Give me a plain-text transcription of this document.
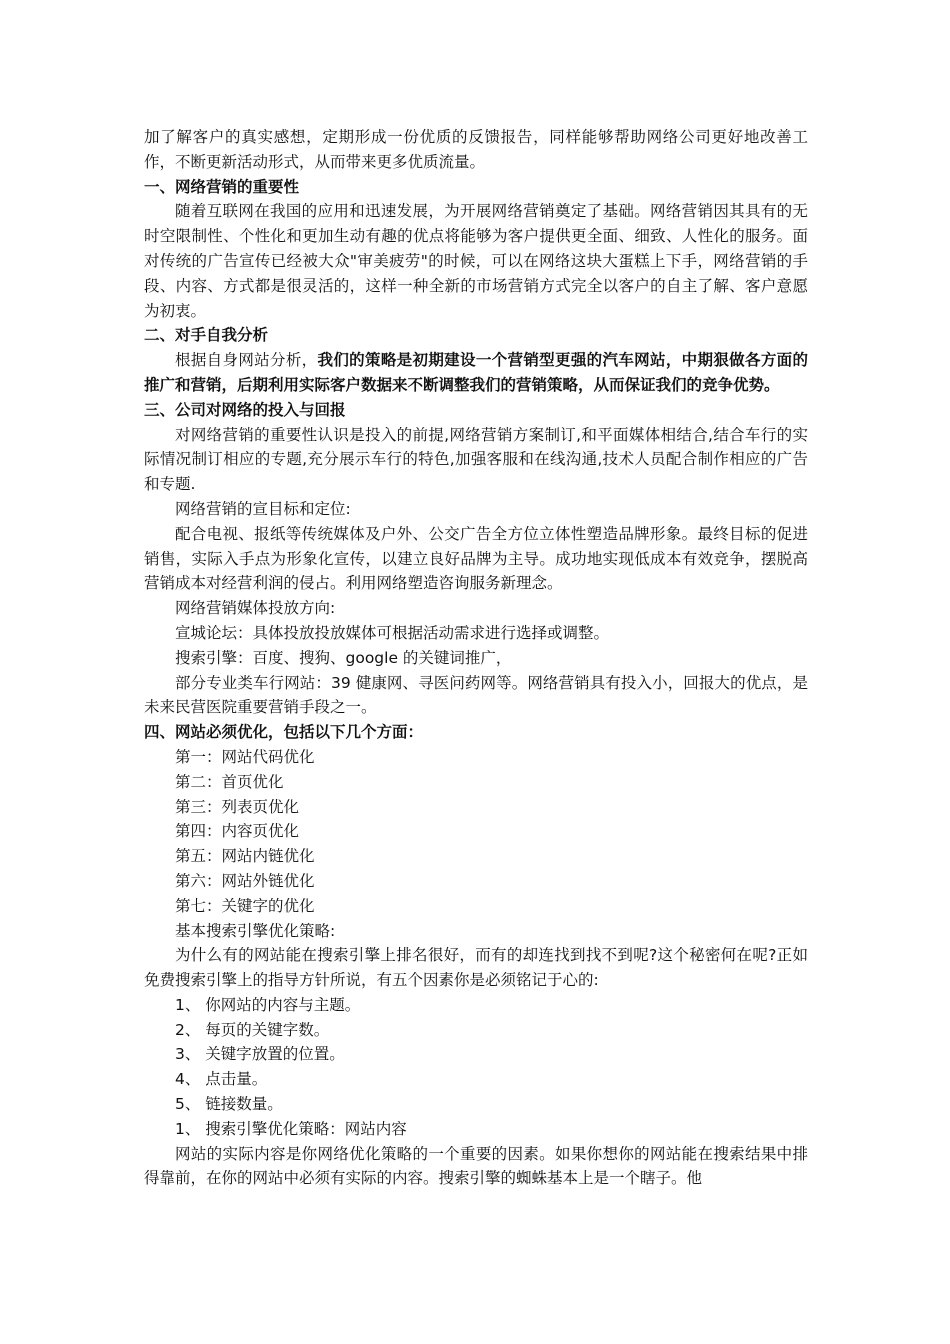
加了解客户的真实感想，定期形成一份优质的反馈报告，同样能够帮助网络公司更好地改善工作，不断更新活动形式，从而带来更多优质流量。

一、网络营销的重要性

随着互联网在我国的应用和迅速发展，为开展网络营销奠定了基础。网络营销因其具有的无时空限制性、个性化和更加生动有趣的优点将能够为客户提供更全面、细致、人性化的服务。面对传统的广告宣传已经被大众"审美疲劳"的时候，可以在网络这块大蛋糕上下手，网络营销的手段、内容、方式都是很灵活的，这样一种全新的市场营销方式完全以客户的自主了解、客户意愿为初衷。

二、对手自我分析

根据自身网站分析，我们的策略是初期建设一个营销型更强的汽车网站，中期狠做各方面的推广和营销，后期利用实际客户数据来不断调整我们的营销策略，从而保证我们的竞争优势。

三、公司对网络的投入与回报

对网络营销的重要性认识是投入的前提,网络营销方案制订,和平面媒体相结合,结合车行的实际情况制订相应的专题,充分展示车行的特色,加强客服和在线沟通,技术人员配合制作相应的广告和专题.

网络营销的宣目标和定位:

配合电视、报纸等传统媒体及户外、公交广告全方位立体性塑造品牌形象。最终目标的促进销售，实际入手点为形象化宣传，以建立良好品牌为主导。成功地实现低成本有效竞争，摆脱高营销成本对经营利润的侵占。利用网络塑造咨询服务新理念。

网络营销媒体投放方向:

宣城论坛：具体投放投放媒体可根据活动需求进行选择或调整。

搜索引擎：百度、搜狗、google 的关键词推广，

部分专业类车行网站：39 健康网、寻医问药网等。网络营销具有投入小，回报大的优点，是未来民营医院重要营销手段之一。

四、网站必须优化，包括以下几个方面：

第一：网站代码优化

第二：首页优化

第三：列表页优化

第四：内容页优化

第五：网站内链优化

第六：网站外链优化

第七：关键字的优化

基本搜索引擎优化策略:

为什么有的网站能在搜索引擎上排名很好，而有的却连找到找不到呢?这个秘密何在呢?正如免费搜索引擎上的指导方针所说，有五个因素你是必须铭记于心的:

1、 你网站的内容与主题。

2、 每页的关键字数。

3、 关键字放置的位置。

4、 点击量。

5、 链接数量。

1、 搜索引擎优化策略：网站内容

网站的实际内容是你网络优化策略的一个重要的因素。如果你想你的网站能在搜索结果中排得靠前，在你的网站中必须有实际的内容。搜索引擎的蜘蛛基本上是一个瞎子。他
